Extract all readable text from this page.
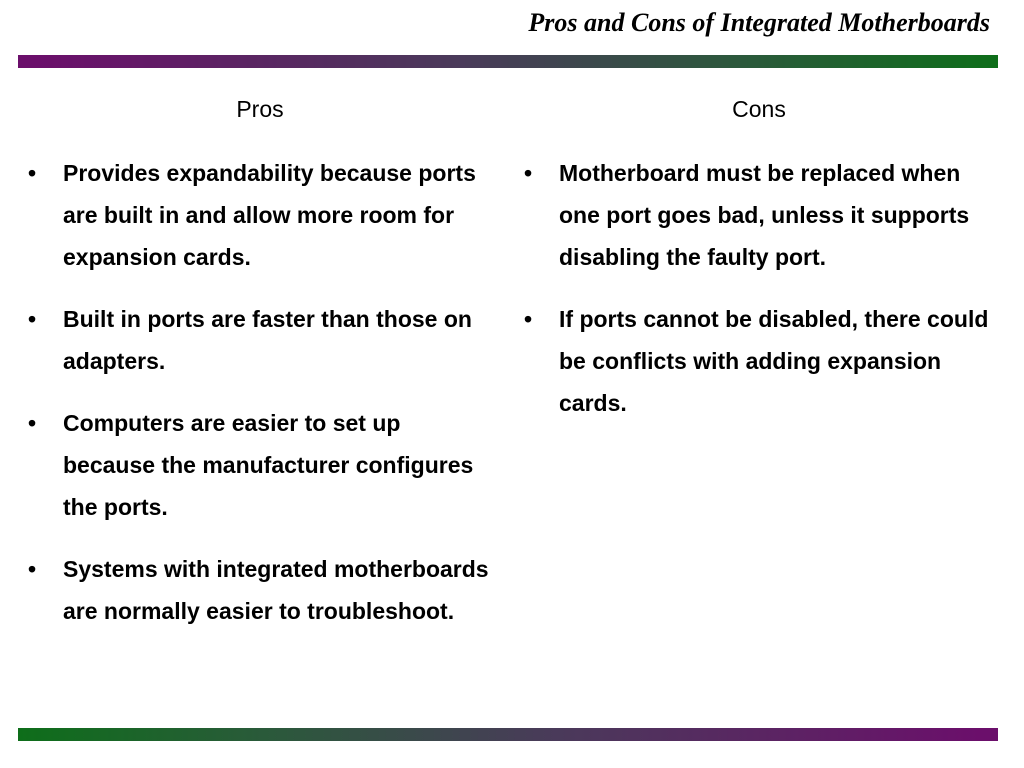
Pros and Cons of Integrated Motherboards
Pros
•	Provides expandability because ports are built in and allow more room for expansion cards.
•	Built in ports are faster than those on adapters.
•	Computers are easier to set up because the manufacturer configures the ports.
•	Systems with integrated motherboards are normally easier to troubleshoot.
Cons
•	Motherboard must be replaced when one port goes bad, unless it supports disabling the faulty port.
•	If ports cannot be disabled, there could be conflicts with adding expansion cards.
